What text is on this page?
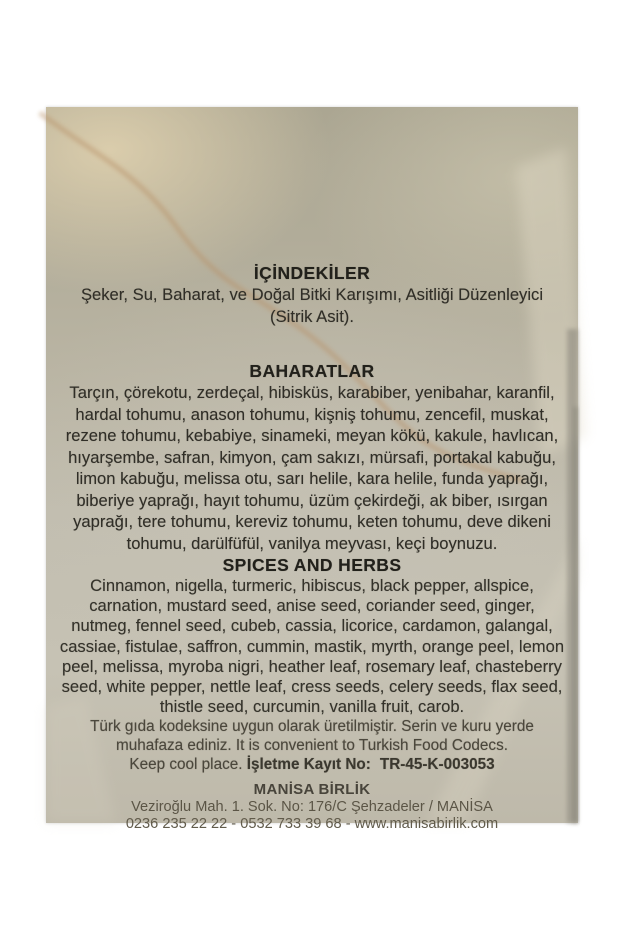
İÇİNDEKİLER
Şeker, Su, Baharat, ve Doğal Bitki Karışımı, Asitliği Düzenleyici
(Sitrik Asit).
BAHARATLAR
Tarçın, çörekotu, zerdeçal, hibisküs, karabiber, yenibahar, karanfil,
hardal tohumu, anason tohumu, kişniş tohumu, zencefil, muskat,
rezene tohumu, kebabiye, sinameki, meyan kökü, kakule, havlıcan,
hıyarşembe, safran, kimyon, çam sakızı, mürsafi, portakal kabuğu,
limon kabuğu, melissa otu, sarı helile, kara helile, funda yaprağı,
biberiye yaprağı, hayıt tohumu, üzüm çekirdeği, ak biber, ısırgan
yaprağı, tere tohumu, kereviz tohumu, keten tohumu, deve dikeni
tohumu, darülfüfül, vanilya meyvası, keçi boynuzu.
SPICES AND HERBS
Cinnamon, nigella, turmeric, hibiscus, black pepper, allspice,
carnation, mustard seed, anise seed, coriander seed, ginger,
nutmeg, fennel seed, cubeb, cassia, licorice, cardamon, galangal,
cassiae, fistulae, saffron, cummin, mastik, myrth, orange peel, lemon
peel, melissa, myroba nigri, heather leaf, rosemary leaf, chasteberry
seed, white pepper, nettle leaf, cress seeds, celery seeds, flax seed,
thistle seed, curcumin, vanilla fruit, carob.
Türk gıda kodeksine uygun olarak üretilmiştir. Serin ve kuru yerde
muhafaza ediniz. It is convenient to Turkish Food Codecs.
Keep cool place. İşletme Kayıt No: TR-45-K-003053
MANİSA BİRLİK
Veziroğlu Mah. 1. Sok. No: 176/C Şehzadeler / MANİSA
0236 235 22 22 - 0532 733 39 68 - www.manisabirlik.com
